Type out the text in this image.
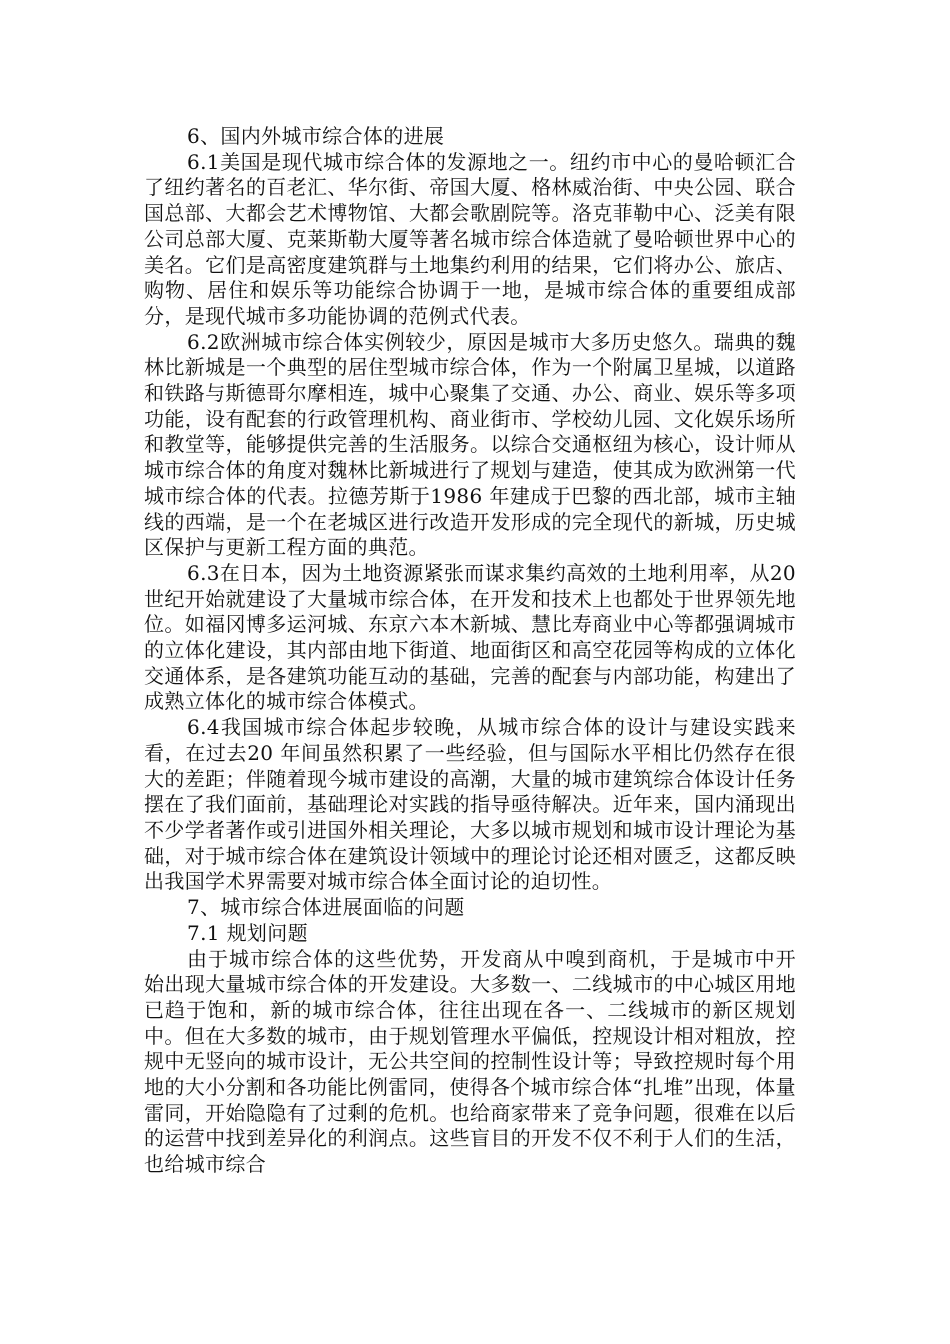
6、国内外城市综合体的进展

6.1美国是现代城市综合体的发源地之一。纽约市中心的曼哈顿汇合了纽约著名的百老汇、华尔街、帝国大厦、格林威治街、中央公园、联合国总部、大都会艺术博物馆、大都会歌剧院等。洛克菲勒中心、泛美有限公司总部大厦、克莱斯勒大厦等著名城市综合体造就了曼哈顿世界中心的美名。它们是高密度建筑群与土地集约利用的结果，它们将办公、旅店、购物、居住和娱乐等功能综合协调于一地，是城市综合体的重要组成部分，是现代城市多功能协调的范例式代表。

6.2欧洲城市综合体实例较少，原因是城市大多历史悠久。瑞典的魏林比新城是一个典型的居住型城市综合体，作为一个附属卫星城，以道路和铁路与斯德哥尔摩相连，城中心聚集了交通、办公、商业、娱乐等多项功能，设有配套的行政管理机构、商业街市、学校幼儿园、文化娱乐场所和教堂等，能够提供完善的生活服务。以综合交通枢纽为核心，设计师从城市综合体的角度对魏林比新城进行了规划与建造，使其成为欧洲第一代城市综合体的代表。拉德芳斯于1986 年建成于巴黎的西北部，城市主轴线的西端，是一个在老城区进行改造开发形成的完全现代的新城，历史城区保护与更新工程方面的典范。

6.3在日本，因为土地资源紧张而谋求集约高效的土地利用率，从20 世纪开始就建设了大量城市综合体，在开发和技术上也都处于世界领先地位。如福冈博多运河城、东京六本木新城、慧比寿商业中心等都强调城市的立体化建设，其内部由地下街道、地面街区和高空花园等构成的立体化交通体系，是各建筑功能互动的基础，完善的配套与内部功能，构建出了成熟立体化的城市综合体模式。

6.4我国城市综合体起步较晚，从城市综合体的设计与建设实践来看，在过去20 年间虽然积累了一些经验，但与国际水平相比仍然存在很大的差距；伴随着现今城市建设的高潮，大量的城市建筑综合体设计任务摆在了我们面前，基础理论对实践的指导亟待解决。近年来，国内涌现出不少学者著作或引进国外相关理论，大多以城市规划和城市设计理论为基础，对于城市综合体在建筑设计领域中的理论讨论还相对匮乏，这都反映出我国学术界需要对城市综合体全面讨论的迫切性。

7、城市综合体进展面临的问题

7.1 规划问题

由于城市综合体的这些优势，开发商从中嗅到商机，于是城市中开始出现大量城市综合体的开发建设。大多数一、二线城市的中心城区用地已趋于饱和，新的城市综合体，往往出现在各一、二线城市的新区规划中。但在大多数的城市，由于规划管理水平偏低，控规设计相对粗放，控规中无竖向的城市设计，无公共空间的控制性设计等；导致控规时每个用地的大小分割和各功能比例雷同，使得各个城市综合体“扎堆”出现，体量雷同，开始隐隐有了过剩的危机。也给商家带来了竞争问题，很难在以后的运营中找到差异化的利润点。这些盲目的开发不仅不利于人们的生活，也给城市综合
